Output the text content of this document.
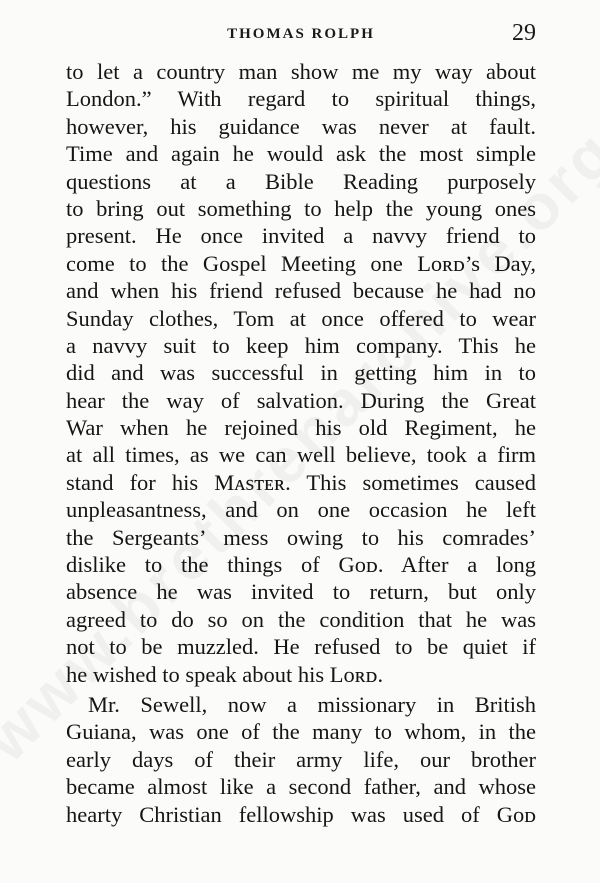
THOMAS ROLPH	29
to let a country man show me my way about
London.” With regard to spiritual things,
however, his guidance was never at fault.
Time and again he would ask the most simple
questions at a Bible Reading purposely
to bring out something to help the young ones
present. He once invited a navvy friend to
come to the Gospel Meeting one Lᴏʀᴅ’s Day,
and when his friend refused because he had no
Sunday clothes, Tom at once offered to wear
a navvy suit to keep him company. This he
did and was successful in getting him in to
hear the way of salvation. During the Great
War when he rejoined his old Regiment, he
at all times, as we can well believe, took a firm
stand for his Mᴀsᴛᴇʀ. This sometimes caused
unpleasantness, and on one occasion he left
the Sergeants’ mess owing to his comrades’
dislike to the things of Gᴏᴅ. After a long
absence he was invited to return, but only
agreed to do so on the condition that he was
not to be muzzled. He refused to be quiet if
he wished to speak about his Lᴏʀᴅ.
Mr. Sewell, now a missionary in British
Guiana, was one of the many to whom, in the
early days of their army life, our brother
became almost like a second father, and whose
hearty Christian fellowship was used of Gᴏᴅ
